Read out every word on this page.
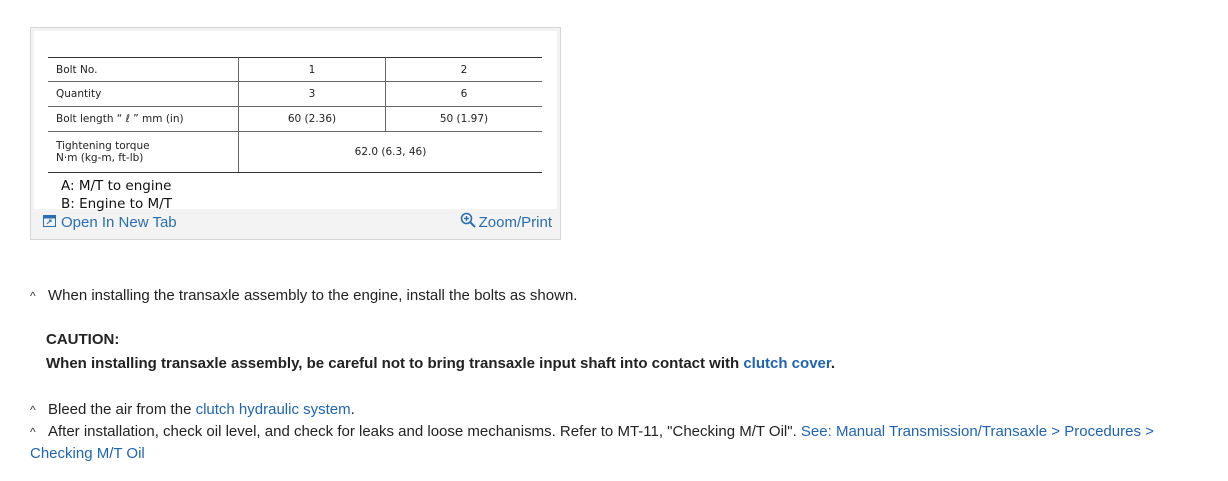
Bolt No.	1	2
Quantity	3	6
Bolt length “ ℓ ” mm (in)	60 (2.36)	50 (1.97)

Tightening torque
N·m (kg-m, ft-lb)	62.0 (6.3, 46)	
A: M/T to engine
B: Engine to M/T
Open In New Tab	Zoom/Print
^ When installing the transaxle assembly to the engine, install the bolts as shown.
CAUTION:
When installing transaxle assembly, be careful not to bring transaxle input shaft into contact with clutch cover.
^ Bleed the air from the clutch hydraulic system.
^ After installation, check oil level, and check for leaks and loose mechanisms. Refer to MT-11, "Checking M/T Oil". See: Manual Transmission/Transaxle > Procedures >
Checking M/T Oil
